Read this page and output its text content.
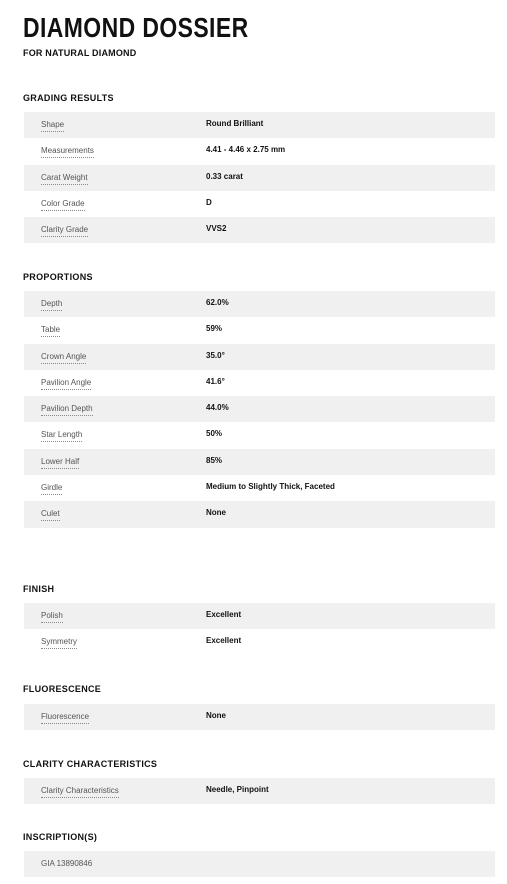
DIAMOND DOSSIER
FOR NATURAL DIAMOND
GRADING RESULTS
Shape	Round Brilliant
Measurements	4.41 - 4.46 x 2.75 mm
Carat Weight	0.33 carat
Color Grade	D
Clarity Grade	VVS2
PROPORTIONS
Depth	62.0%
Table	59%
Crown Angle	35.0°
Pavilion Angle	41.6°
Pavilion Depth	44.0%
Star Length	50%
Lower Half	85%
Girdle	Medium to Slightly Thick, Faceted
Culet	None
FINISH
Polish	Excellent
Symmetry	Excellent
FLUORESCENCE
Fluorescence	None
CLARITY CHARACTERISTICS
Clarity Characteristics	Needle, Pinpoint
INSCRIPTION(S)
GIA 13890846
